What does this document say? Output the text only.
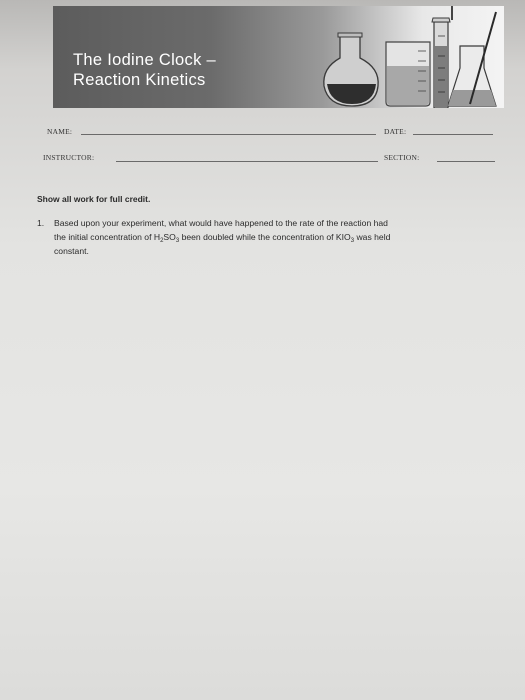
The Iodine Clock –
Reaction Kinetics
NAME:	DATE:
INSTRUCTOR:	SECTION:
Show all work for full credit.
1. Based upon your experiment, what would have happened to the rate of the reaction had
the initial concentration of $H_2SO_3$ been doubled while the concentration of $KIO_3$ was held
constant.
